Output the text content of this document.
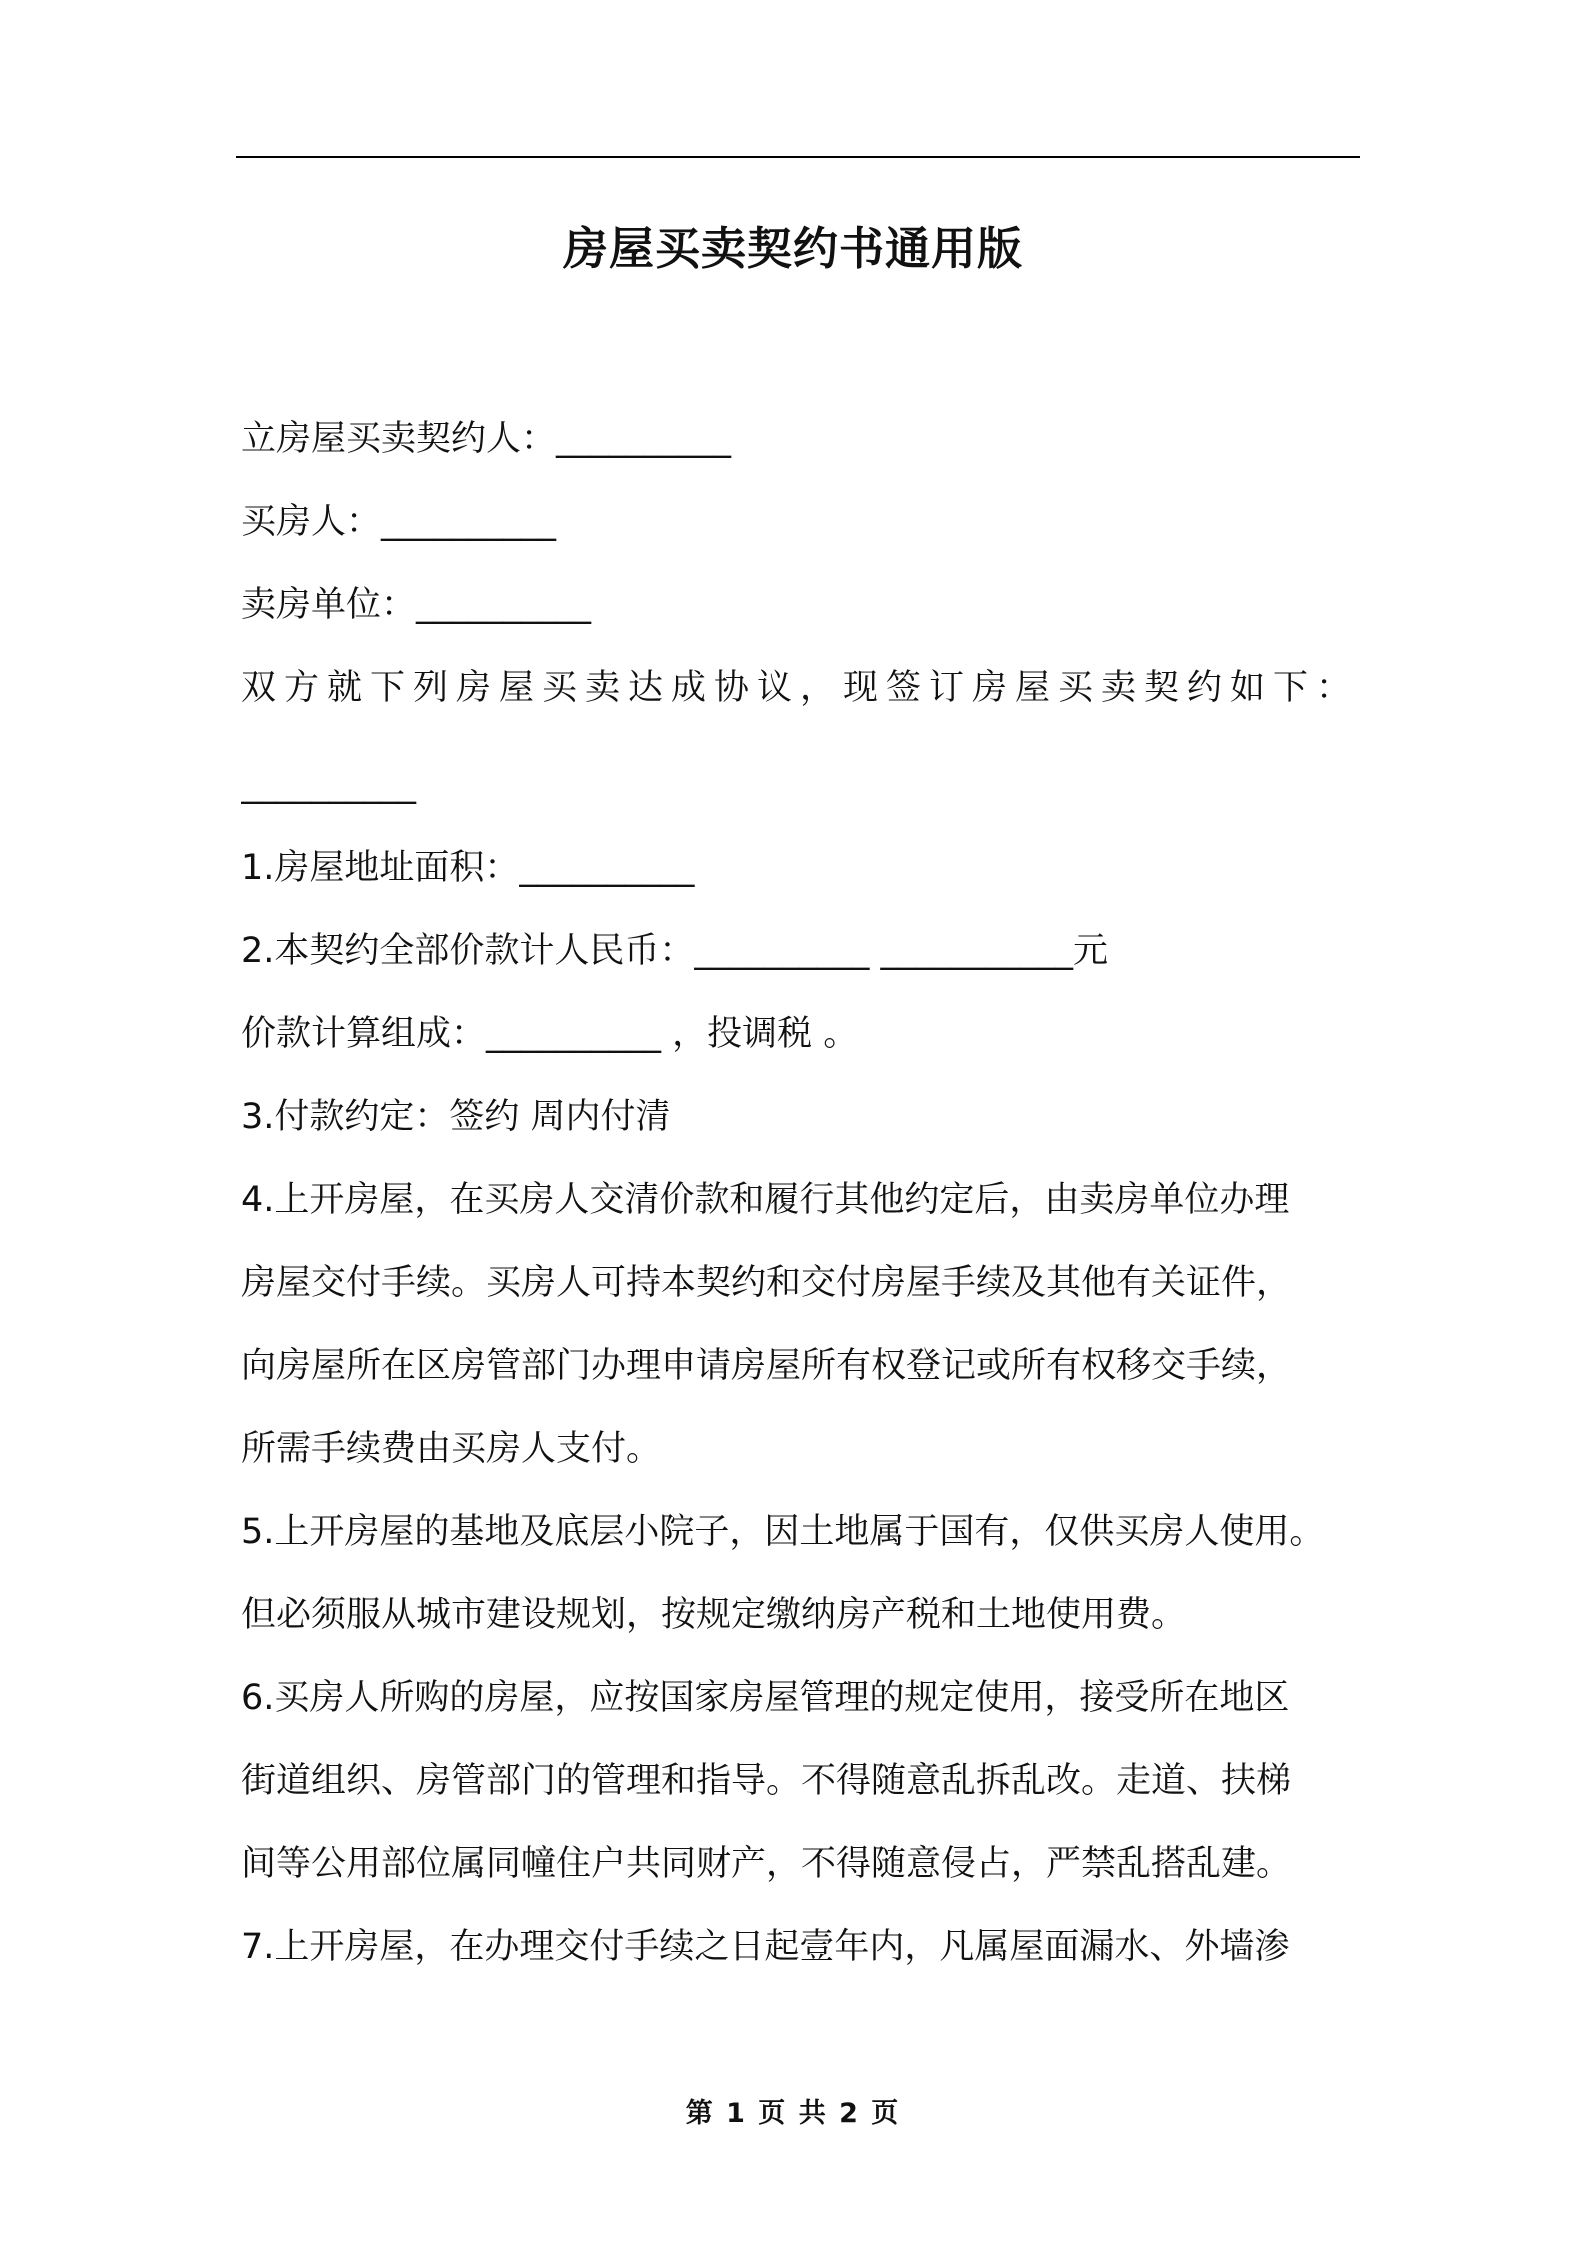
房屋买卖契约书通用版
立房屋买卖契约人：__________
买房人：__________
卖房单位：__________
双方就下列房屋买卖达成协议，现签订房屋买卖契约如下：
__________
1.房屋地址面积：__________
2.本契约全部价款计人民币：__________ ___________元
价款计算组成：__________ ，投调税 。
3.付款约定：签约 周内付清
4.上开房屋，在买房人交清价款和履行其他约定后，由卖房单位办理
房屋交付手续。买房人可持本契约和交付房屋手续及其他有关证件，
向房屋所在区房管部门办理申请房屋所有权登记或所有权移交手续，
所需手续费由买房人支付。
5.上开房屋的基地及底层小院子，因土地属于国有，仅供买房人使用。
但必须服从城市建设规划，按规定缴纳房产税和土地使用费。
6.买房人所购的房屋，应按国家房屋管理的规定使用，接受所在地区
街道组织、房管部门的管理和指导。不得随意乱拆乱改。走道、扶梯
间等公用部位属同幢住户共同财产，不得随意侵占，严禁乱搭乱建。
7.上开房屋，在办理交付手续之日起壹年内，凡属屋面漏水、外墙渗
第 1 页 共 2 页
